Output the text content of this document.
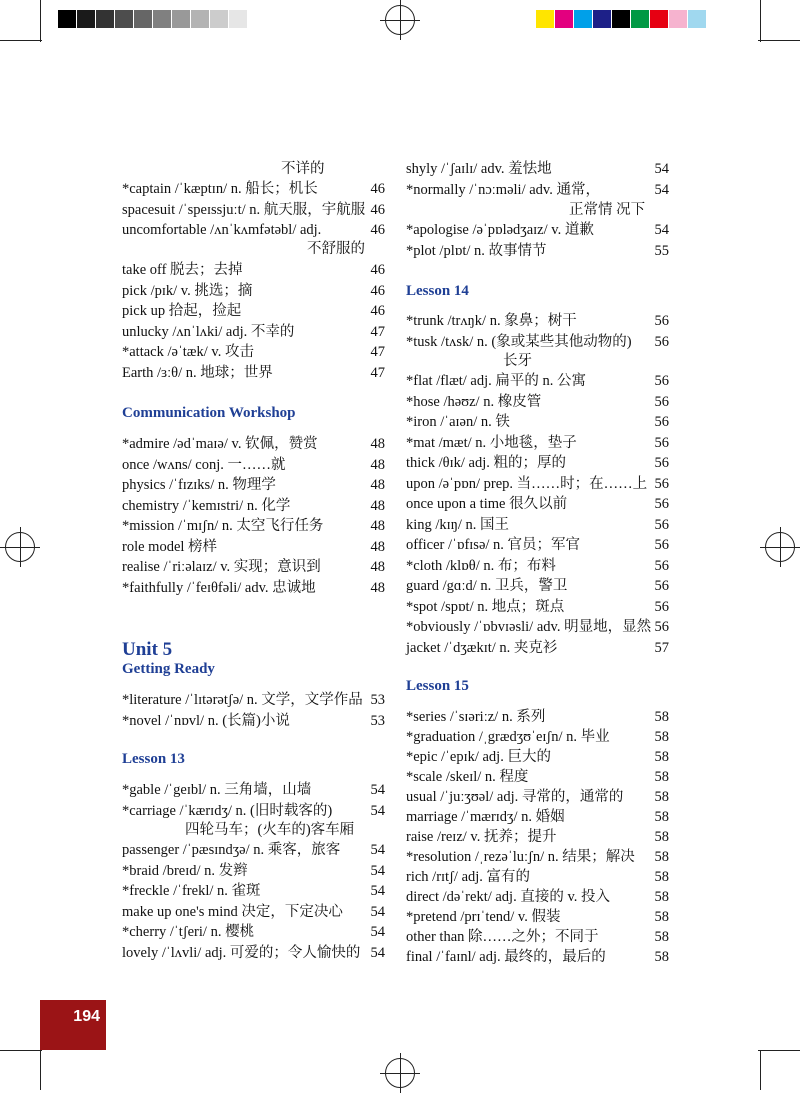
不详的
*captain /ˈkæptɪn/ n. 船长；机长	46
spacesuit /ˈspeɪssjuːt/ n. 航天服，宇航服 46
uncomfortable /ʌnˈkʌmfətəbl/ adj.	46
不舒服的
take off 脱去；去掉	46
pick /pɪk/ v. 挑选；摘	46
pick up 拾起，捡起	46
unlucky /ʌnˈlʌki/ adj. 不幸的	47
*attack /əˈtæk/ v. 攻击	47
Earth /ɜːθ/ n. 地球；世界	47
Communication Workshop
*admire /ədˈmaɪə/ v. 钦佩，赞赏	48
once /wʌns/ conj. 一……就	48
physics /ˈfɪzɪks/ n. 物理学	48
chemistry /ˈkemɪstri/ n. 化学	48
*mission /ˈmɪʃn/ n. 太空飞行任务	48
role model 榜样	48
realise /ˈriːəlaɪz/ v. 实现；意识到	48
*faithfully /ˈfeɪθfəli/ adv. 忠诚地	48
Unit 5
Getting Ready
*literature /ˈlɪtərətʃə/ n. 文学，文学作品 53
*novel /ˈnɒvl/ n. (长篇)小说	53
Lesson 13
*gable /ˈgeɪbl/ n. 三角墙，山墙	54
*carriage /ˈkærɪdʒ/ n. (旧时载客的)	54
四轮马车；(火车的)客车厢
passenger /ˈpæsɪndʒə/ n. 乘客，旅客 54
*braid /breɪd/ n. 发辫	54
*freckle /ˈfrekl/ n. 雀斑	54
make up one's mind 决定，下定决心 54
*cherry /ˈtʃeri/ n. 樱桃	54
lovely /ˈlʌvli/ adj. 可爱的；令人愉快的 54
shyly /ˈʃaɪlɪ/ adv. 羞怯地	54
*normally /ˈnɔːməli/ adv. 通常，	54
正常情 况下
*apologise /əˈpɒlədʒaɪz/ v. 道歉	54
*plot /plɒt/ n. 故事情节	55
Lesson 14
*trunk /trʌŋk/ n. 象鼻；树干	56
*tusk /tʌsk/ n. (象或某些其他动物的) 56
长牙
*flat /flæt/ adj. 扁平的 n. 公寓	56
*hose /həʊz/ n. 橡皮管	56
*iron /ˈaɪən/ n. 铁	56
*mat /mæt/ n. 小地毯，垫子	56
thick /θɪk/ adj. 粗的；厚的	56
upon /əˈpɒn/ prep. 当……时；在……上 56
once upon a time 很久以前	56
king /kɪŋ/ n. 国王	56
officer /ˈɒfɪsə/ n. 官员；军官	56
*cloth /klɒθ/ n. 布；布料	56
guard /gɑːd/ n. 卫兵，警卫	56
*spot /spɒt/ n. 地点；斑点	56
*obviously /ˈɒbvɪəsli/ adv. 明显地，显然 56
jacket /ˈdʒækɪt/ n. 夹克衫	57
Lesson 15
*series /ˈsɪəriːz/ n. 系列	58
*graduation /ˌgrædʒʊˈeɪʃn/ n. 毕业	58
*epic /ˈepɪk/ adj. 巨大的	58
*scale /skeɪl/ n. 程度	58
usual /ˈjuːʒʊəl/ adj. 寻常的，通常的 58
marriage /ˈmærɪdʒ/ n. 婚姻	58
raise /reɪz/ v. 抚养；提升	58
*resolution /ˌrezəˈluːʃn/ n. 结果；解决 58
rich /rɪtʃ/ adj. 富有的	58
direct /dəˈrekt/ adj. 直接的 v. 投入	58
*pretend /prɪˈtend/ v. 假装	58
other than 除……之外；不同于	58
final /ˈfaɪnl/ adj. 最终的，最后的	58
194
